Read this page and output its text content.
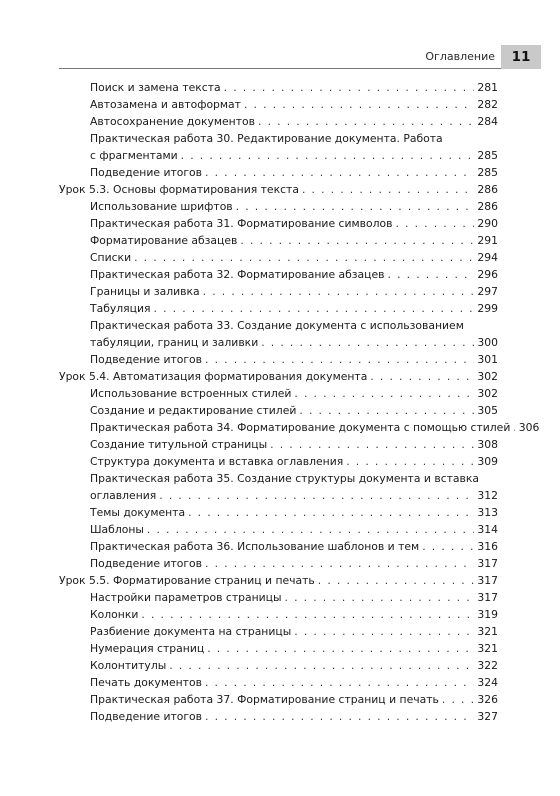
Оглавление	11
Поиск и замена текста . . .	281
Автозамена и автоформат . . .	282
Автосохранение документов . . .	284
Практическая работа 30. Редактирование документа. Работа
с фрагментами . . .	285
Подведение итогов . . .	285
Урок 5.3. Основы форматирования текста . . .	286
Использование шрифтов . . .	286
Практическая работа 31. Форматирование символов . . .	290
Форматирование абзацев . . .	291
Списки . . .	294
Практическая работа 32. Форматирование абзацев . . .	296
Границы и заливка . . .	297
Табуляция . . .	299
Практическая работа 33. Создание документа с использованием
табуляции, границ и заливки . . .	300
Подведение итогов . . .	301
Урок 5.4. Автоматизация форматирования документа . . .	302
Использование встроенных стилей . . .	302
Создание и редактирование стилей . . .	305
Практическая работа 34. Форматирование документа с помощью стилей . . . 306
Создание титульной страницы . . .	308
Структура документа и вставка оглавления . . .	309
Практическая работа 35. Создание структуры документа и вставка
оглавления . . .	312
Темы документа . . .	313
Шаблоны . . .	314
Практическая работа 36. Использование шаблонов и тем . . .	316
Подведение итогов . . .	317
Урок 5.5. Форматирование страниц и печать . . .	317
Настройки параметров страницы . . .	317
Колонки . . .	319
Разбиение документа на страницы . . .	321
Нумерация страниц . . .	321
Колонтитулы . . .	322
Печать документов . . .	324
Практическая работа 37. Форматирование страниц и печать . . .	326
Подведение итогов . . .	327
